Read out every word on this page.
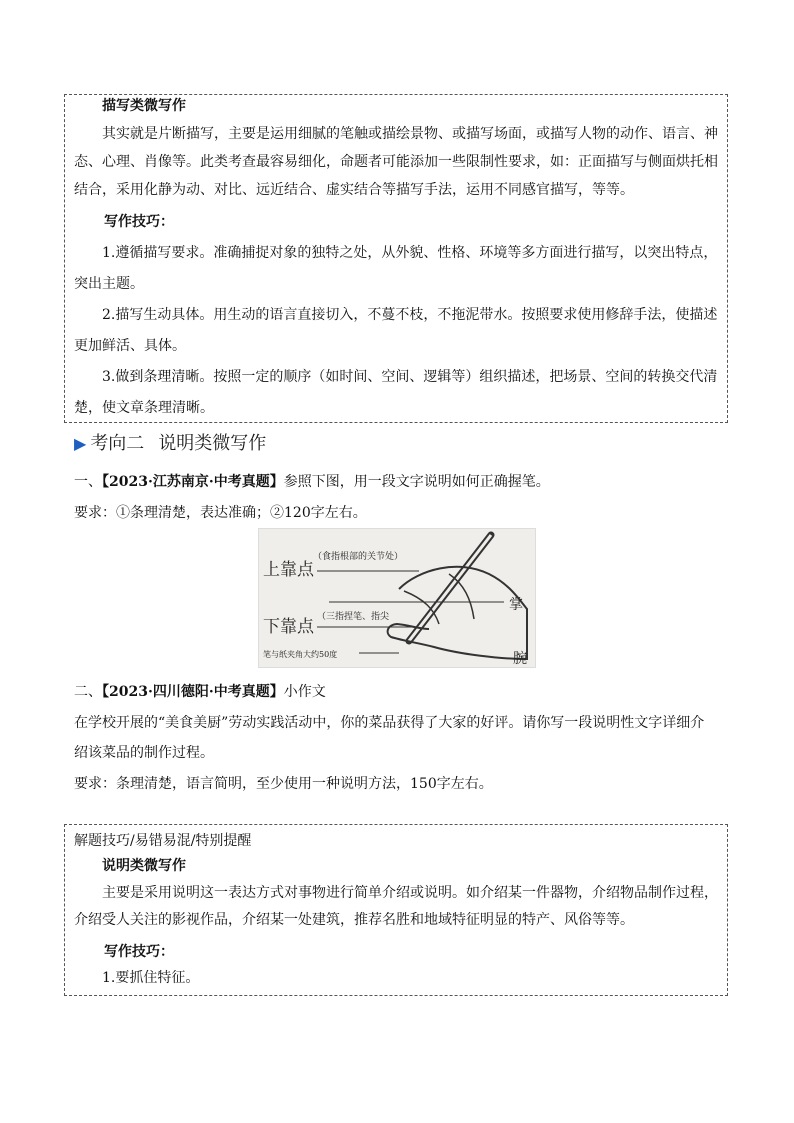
描写类微写作
其实就是片断描写，主要是运用细腻的笔触或描绘景物、或描写场面，或描写人物的动作、语言、神
态、心理、肖像等。此类考查最容易细化，命题者可能添加一些限制性要求，如：正面描写与侧面烘托相
结合，采用化静为动、对比、远近结合、虚实结合等描写手法，运用不同感官描写，等等。
写作技巧：
1.遵循描写要求。准确捕捉对象的独特之处，从外貌、性格、环境等多方面进行描写，以突出特点，
突出主题。
2.描写生动具体。用生动的语言直接切入，不蔓不枝，不拖泥带水。按照要求使用修辞手法，使描述
更加鲜活、具体。
3.做到条理清晰。按照一定的顺序（如时间、空间、逻辑等）组织描述，把场景、空间的转换交代清
楚，使文章条理清晰。
▶ 考向二 说明类微写作
一、【2023·江苏南京·中考真题】参照下图，用一段文字说明如何正确握笔。
要求：①条理清楚，表达准确；②120字左右。
上靠点
（食指根部的关节处）
下靠点 （三指捏笔、指尖
笔与纸夹角大约50度
掌
腕
二、【2023·四川德阳·中考真题】小作文
在学校开展的“美食美厨”劳动实践活动中，你的菜品获得了大家的好评。请你写一段说明性文字详细介
绍该菜品的制作过程。
要求：条理清楚，语言简明，至少使用一种说明方法，150字左右。
解题技巧/易错易混/特别提醒
说明类微写作
主要是采用说明这一表达方式对事物进行简单介绍或说明。如介绍某一件器物，介绍物品制作过程，
介绍受人关注的影视作品，介绍某一处建筑，推荐名胜和地域特征明显的特产、风俗等等。
写作技巧：
1.要抓住特征。
